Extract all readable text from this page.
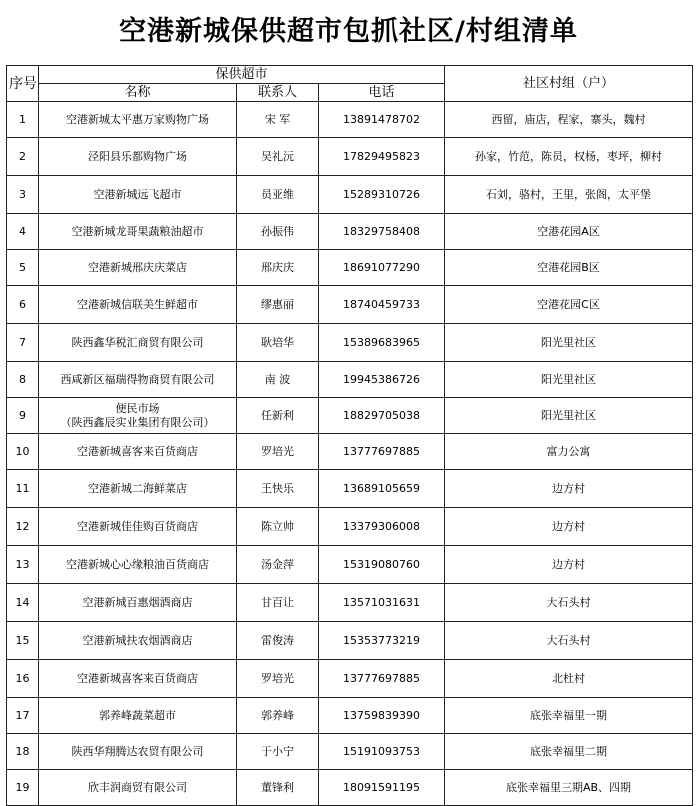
空港新城保供超市包抓社区/村组清单
序号	保供超市			社区村组（户）
	名称	联系人	电话	
1	空港新城太平惠万家购物广场	宋 军	13891478702	西留，庙店，程家，寨头，魏村
2	泾阳县乐都购物广场	吴礼沅	17829495823	孙家，竹范，陈员，权杨，枣坪，柳村
3	空港新城远飞超市	员亚维	15289310726	石刘，骆村，王里，张阁，太平堡
4	空港新城龙哥果蔬粮油超市	孙振伟	18329758408	空港花园A区
5	空港新城邢庆庆菜店	邢庆庆	18691077290	空港花园B区
6	空港新城信联美生鲜超市	缪惠丽	18740459733	空港花园C区
7	陕西鑫华税汇商贸有限公司	耿培华	15389683965	阳光里社区
8	西咸新区福瑞得物商贸有限公司	南 波	19945386726	阳光里社区
9	便民市场
（陕西鑫辰实业集团有限公司）	任新利	18829705038	阳光里社区
10	空港新城喜客来百货商店	罗培光	13777697885	富力公寓
11	空港新城二海鲜菜店	王快乐	13689105659	边方村
12	空港新城佳佳购百货商店	陈立帅	13379306008	边方村
13	空港新城心心缘粮油百货商店	汤金萍	15319080760	边方村
14	空港新城百惠烟酒商店	甘百让	13571031631	大石头村
15	空港新城扶农烟酒商店	雷俊涛	15353773219	大石头村
16	空港新城喜客来百货商店	罗培光	13777697885	北杜村
17	郭养峰蔬菜超市	郭养峰	13759839390	底张幸福里一期
18	陕西华翔腾达农贸有限公司	于小宁	15191093753	底张幸福里二期
19	欣丰润商贸有限公司	董锋利	18091591195	底张幸福里三期AB、四期
